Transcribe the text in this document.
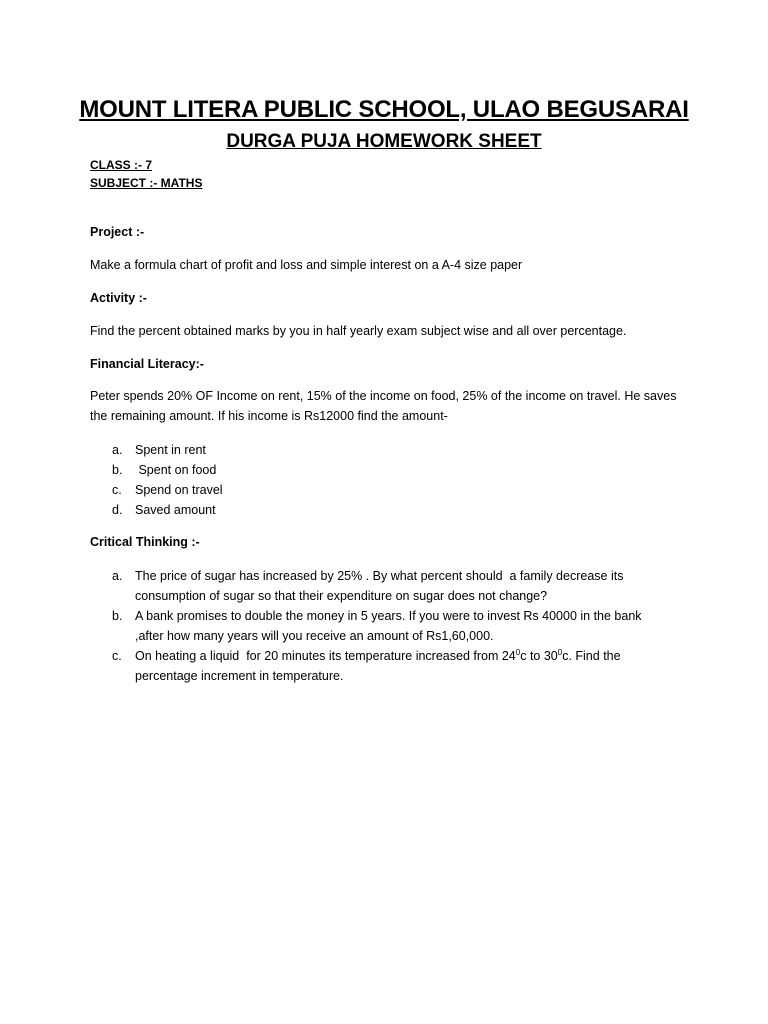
MOUNT LITERA PUBLIC SCHOOL, ULAO BEGUSARAI
DURGA PUJA HOMEWORK SHEET
CLASS :- 7
SUBJECT :- MATHS
Project :-
Make a formula chart of profit and loss and simple interest on a A-4 size paper
Activity :-
Find the percent obtained marks by you in half yearly exam subject wise and all over percentage.
Financial Literacy:-
Peter spends 20% OF Income on rent, 15% of the income on food, 25% of the income on travel. He saves the remaining amount. If his income is Rs12000 find the amount-
a. Spent in rent
b. Spent on food
c. Spend on travel
d. Saved amount
Critical Thinking :-
a. The price of sugar has increased by 25% . By what percent should  a family decrease its consumption of sugar so that their expenditure on sugar does not change?
b. A bank promises to double the money in 5 years. If you were to invest Rs 40000 in the bank ,after how many years will you receive an amount of Rs1,60,000.
c. On heating a liquid  for 20 minutes its temperature increased from $24^0c$ to $30^0c$. Find the percentage increment in temperature.
